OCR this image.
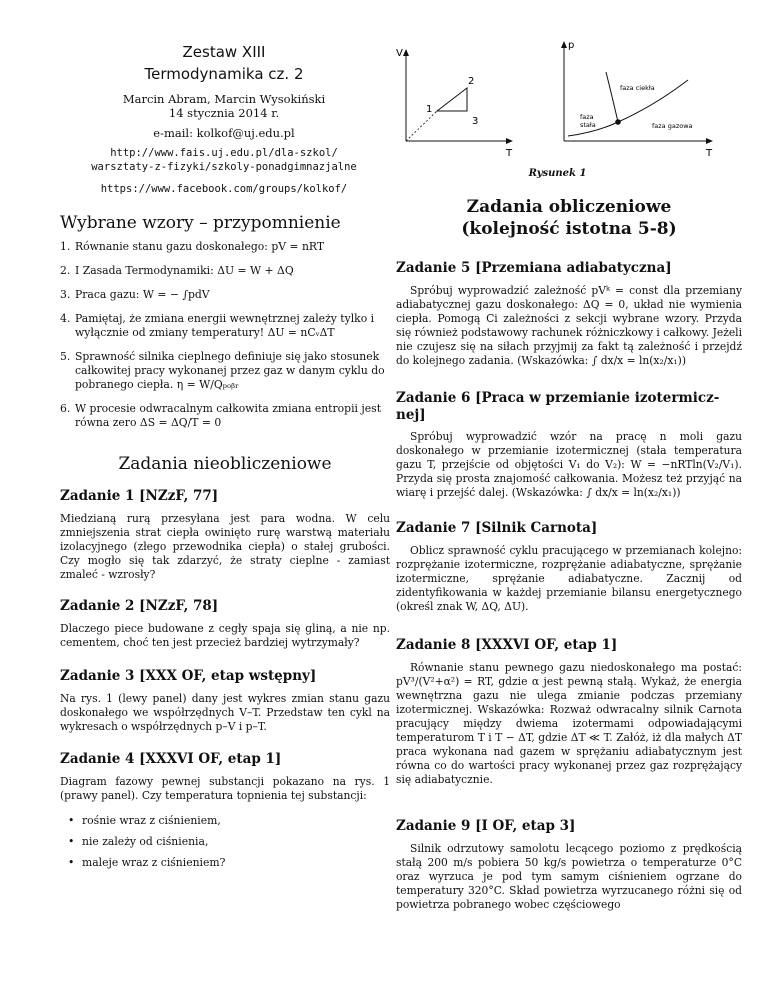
Zestaw XIII
Termodynamika cz. 2
Marcin Abram, Marcin Wysokiński
14 stycznia 2014 r.
e-mail: kolkof@uj.edu.pl
http://www.fais.uj.edu.pl/dla-szkol/
warsztaty-z-fizyki/szkoly-ponadgimnazjalne
https://www.facebook.com/groups/kolkof/
V
T
1
2
3
p
T
faza ciekła
faza
stała	faza gazowa
Rysunek 1
Wybrane wzory – przypomnienie
1. Równanie stanu gazu doskonałego: pV = nRT
2. I Zasada Termodynamiki: ΔU = W + ΔQ
3. Praca gazu: W = − ∫pdV
4. Pamiętaj, że zmiana energii wewnętrznej zależy tylko i wyłącznie od zmiany temperatury! ΔU = nCᵥΔT
5. Sprawność silnika cieplnego definiuje się jako stosunek całkowitej pracy wykonanej przez gaz w danym cyklu do pobranego ciepła. η = W/Qₚₒᵦᵣ
6. W procesie odwracalnym całkowita zmiana entropii jest równa zero ΔS = ΔQ/T = 0
Zadania nieobliczeniowe
Zadanie 1 [NZzF, 77]
Miedzianą rurą przesyłana jest para wodna. W celu zmniejszenia strat ciepła owinięto rurę warstwą materiału izolacyjnego (złego przewodnika ciepła) o stałej grubości. Czy mogło się tak zdarzyć, że straty cieplne - zamiast zmaleć - wzrosły?
Zadanie 2 [NZzF, 78]
Dlaczego piece budowane z cegły spaja się gliną, a nie np. cementem, choć ten jest przecież bardziej wytrzymały?
Zadanie 3 [XXX OF, etap wstępny]
Na rys. 1 (lewy panel) dany jest wykres zmian stanu gazu doskonałego we współrzędnych V–T. Przedstaw ten cykl na wykresach o współrzędnych p–V i p–T.
Zadanie 4 [XXXVI OF, etap 1]
Diagram fazowy pewnej substancji pokazano na rys. 1 (prawy panel). Czy temperatura topnienia tej substancji:
• rośnie wraz z ciśnieniem,
• nie zależy od ciśnienia,
• maleje wraz z ciśnieniem?
Zadania obliczeniowe
(kolejność istotna 5-8)
Zadanie 5 [Przemiana adiabatyczna]
Spróbuj wyprowadzić zależność pVᵏ = const dla przemiany adiabatycznej gazu doskonałego: ΔQ = 0, układ nie wymienia ciepła. Pomogą Ci zależności z sekcji wybrane wzory. Przyda się również podstawowy rachunek różniczkowy i całkowy. Jeżeli nie czujesz się na siłach przyjmij za fakt tą zależność i przejdź do kolejnego zadania. (Wskazówka: ∫ dx/x = ln(x₂/x₁))
Zadanie 6 [Praca w przemianie izotermicz-
nej]
Spróbuj wyprowadzić wzór na pracę n moli gazu doskonałego w przemianie izotermicznej (stała temperatura gazu T, przejście od objętości V₁ do V₂): W = −nRTln(V₂/V₁). Przyda się prosta znajomość całkowania. Możesz też przyjąć na wiarę i przejść dalej. (Wskazówka: ∫ dx/x = ln(x₂/x₁))
Zadanie 7 [Silnik Carnota]
Oblicz sprawność cyklu pracującego w przemianach kolejno: rozprężanie izotermiczne, rozprężanie adiabatyczne, sprężanie izotermiczne, sprężanie adiabatyczne. Zacznij od zidentyfikowania w każdej przemianie bilansu energetycznego (określ znak W, ΔQ, ΔU).
Zadanie 8 [XXXVI OF, etap 1]
Równanie stanu pewnego gazu niedoskonałego ma postać: pV³/(V²+α²) = RT, gdzie α jest pewną stałą. Wykaż, że energia wewnętrzna gazu nie ulega zmianie podczas przemiany izotermicznej. Wskazówka: Rozważ odwracalny silnik Carnota pracujący między dwiema izotermami odpowiadającymi temperaturom T i T − ΔT, gdzie ΔT ≪ T. Załóż, iż dla małych ΔT praca wykonana nad gazem w sprężaniu adiabatycznym jest równa co do wartości pracy wykonanej przez gaz rozprężający się adiabatycznie.
Zadanie 9 [I OF, etap 3]
Silnik odrzutowy samolotu lecącego poziomo z prędkością stałą 200 m/s pobiera 50 kg/s powietrza o temperaturze 0°C oraz wyrzuca je pod tym samym ciśnieniem ogrzane do temperatury 320°C. Skład powietrza wyrzucanego różni się od powietrza pobranego wobec częściowego
